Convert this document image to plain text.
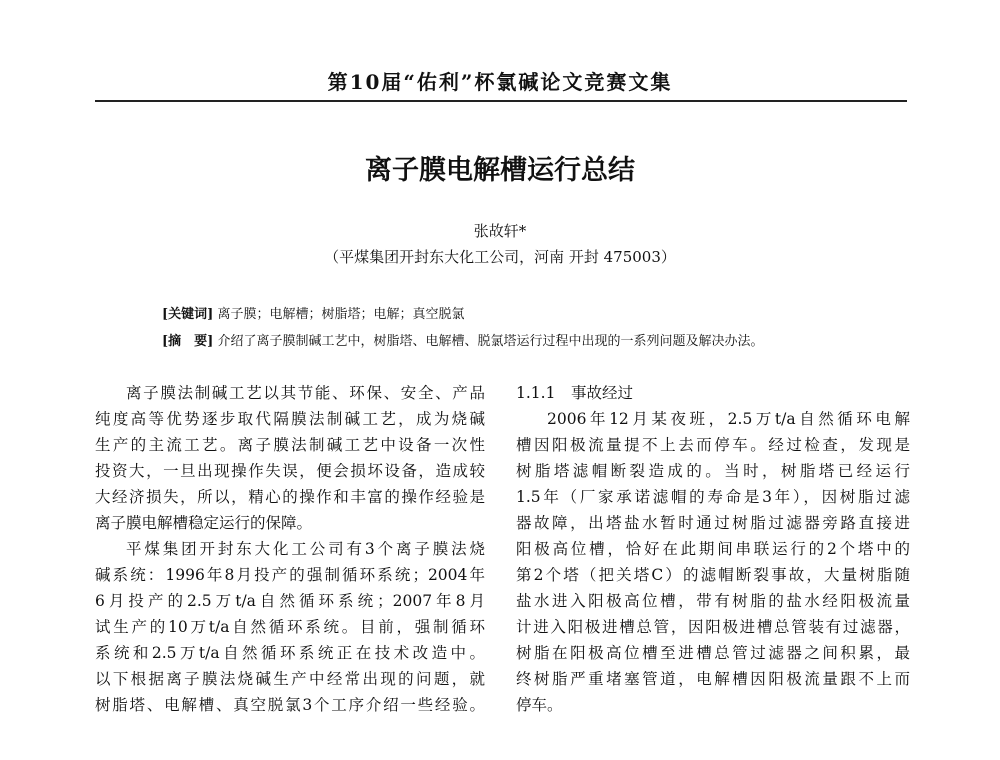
第10届“佑利”杯氯碱论文竞赛文集
离子膜电解槽运行总结
张故轩*
（平煤集团开封东大化工公司，河南 开封 475003）
[关键词] 离子膜；电解槽；树脂塔；电解；真空脱氯
[摘　要] 介绍了离子膜制碱工艺中，树脂塔、电解槽、脱氯塔运行过程中出现的一系列问题及解决办法。
离子膜法制碱工艺以其节能、环保、安全、产品
纯度高等优势逐步取代隔膜法制碱工艺，成为烧碱
生产的主流工艺。离子膜法制碱工艺中设备一次性
投资大，一旦出现操作失误，便会损坏设备，造成较
大经济损失，所以，精心的操作和丰富的操作经验是
离子膜电解槽稳定运行的保障。
平煤集团开封东大化工公司有3个离子膜法烧
碱系统：1996年8月投产的强制循环系统；2004年
6月投产的2.5万t/a自然循环系统；2007年8月
试生产的10万t/a自然循环系统。目前，强制循环
系统和2.5万t/a自然循环系统正在技术改造中。
以下根据离子膜法烧碱生产中经常出现的问题，就
树脂塔、电解槽、真空脱氯3个工序介绍一些经验。
1.1.1　事故经过
2006年12月某夜班，2.5万t/a自然循环电解
槽因阳极流量提不上去而停车。经过检查，发现是
树脂塔滤帽断裂造成的。当时，树脂塔已经运行
1.5年（厂家承诺滤帽的寿命是3年），因树脂过滤
器故障，出塔盐水暂时通过树脂过滤器旁路直接进
阳极高位槽，恰好在此期间串联运行的2个塔中的
第2个塔（把关塔C）的滤帽断裂事故，大量树脂随
盐水进入阳极高位槽，带有树脂的盐水经阳极流量
计进入阳极进槽总管，因阳极进槽总管装有过滤器，
树脂在阳极高位槽至进槽总管过滤器之间积累，最
终树脂严重堵塞管道，电解槽因阳极流量跟不上而
停车。
